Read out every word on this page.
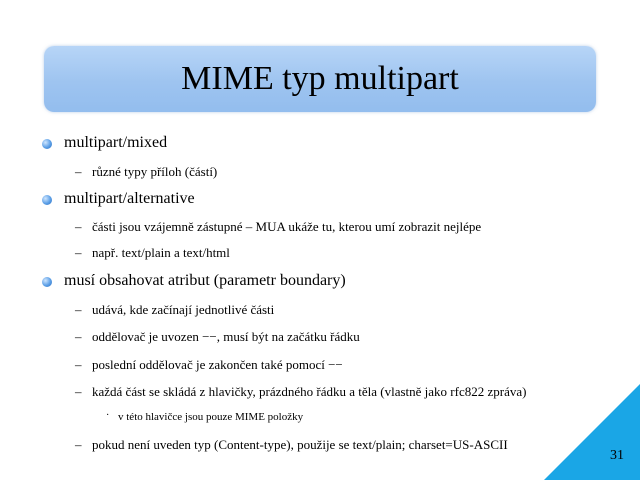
MIME typ multipart
multipart/mixed
– různé typy příloh (částí)
multipart/alternative
– části jsou vzájemně zástupné – MUA ukáže tu, kterou umí zobrazit nejlépe
– např. text/plain a text/html
musí obsahovat atribut (parametr boundary)
– udává, kde začínají jednotlivé části
– oddělovač je uvozen −−, musí být na začátku řádku
– poslední oddělovač je zakončen také pomocí −−
– každá část se skládá z hlavičky, prázdného řádku a těla (vlastně jako rfc822 zpráva)
· v této hlavičce jsou pouze MIME položky
– pokud není uveden typ (Content-type), použije se text/plain; charset=US-ASCII
31
